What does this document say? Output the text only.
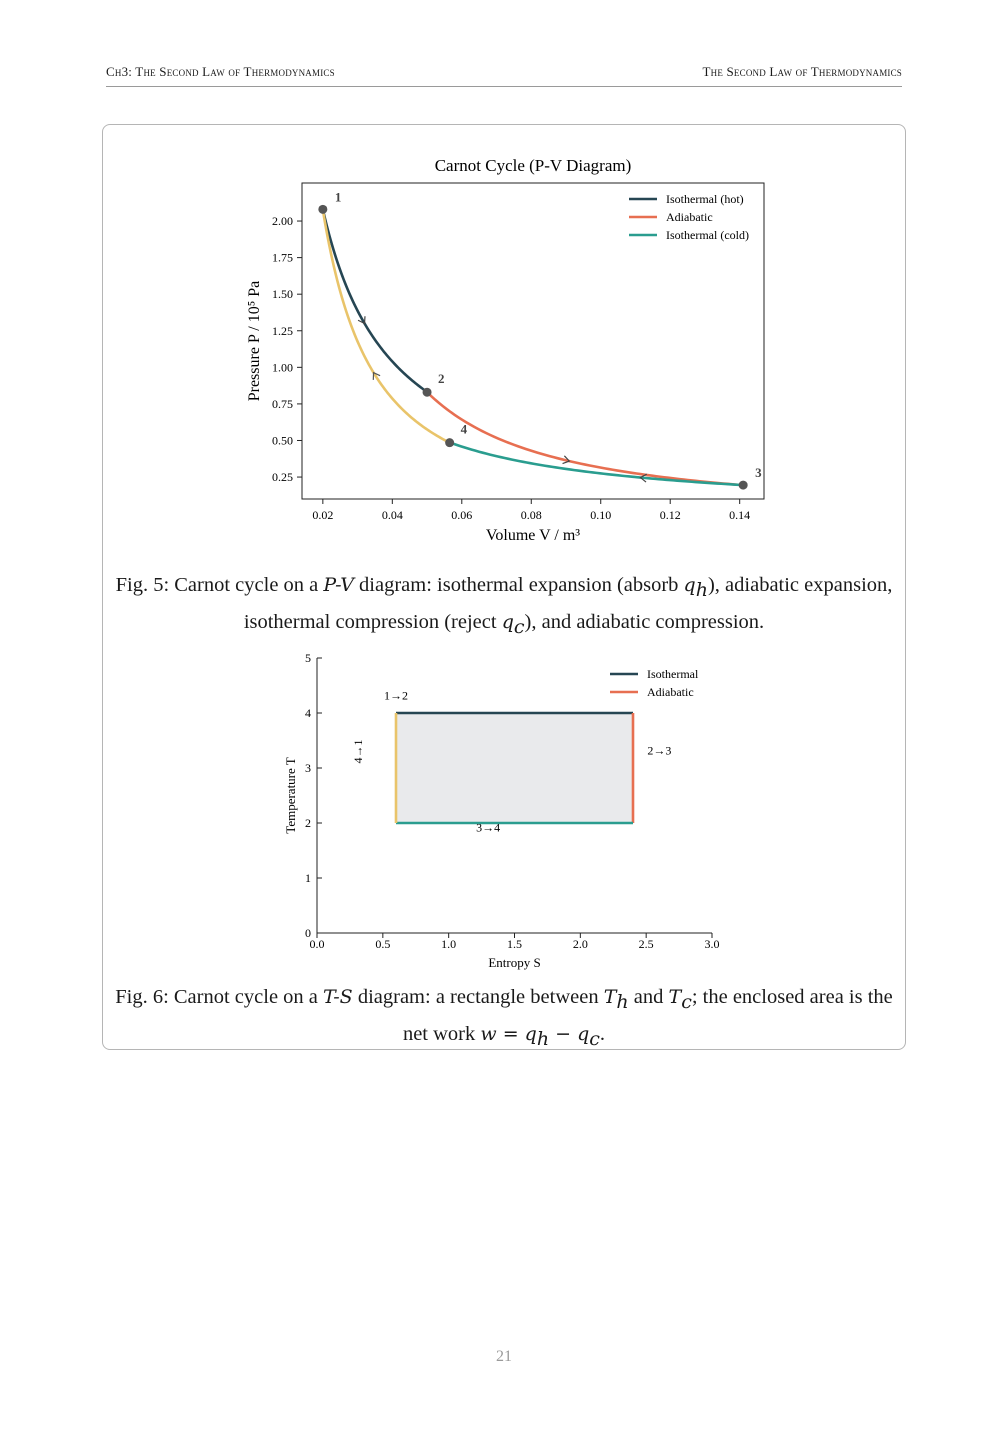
Ch3: The Second Law of Thermodynamics	The Second Law of Thermodynamics
0.02	0.04	0.06	0.08	0.10	0.12	0.14
0.25
0.50
0.75
1.00
1.25
1.50
1.75
2.00
Carnot Cycle (P-V Diagram)
Volume V / m³
Pressure P / 10⁵ Pa
1
2
3
4
Isothermal (hot)
Adiabatic
Isothermal (cold)
0.0	0.5	1.0	1.5	2.0	2.5	3.0
0
1
2
3
4
5
Entropy S
Temperature T
1→2
2→3
3→4
4→1
Isothermal
Adiabatic
Fig. 5: Carnot cycle on a P-V diagram: isothermal expansion (absorb $q_h$), adiabatic expansion, isothermal compression (reject $q_c$), and adiabatic compression.
Fig. 6: Carnot cycle on a T-S diagram: a rectangle between $T_h$ and $T_c$; the enclosed area is the net work $w = q_h - q_c$.
21
